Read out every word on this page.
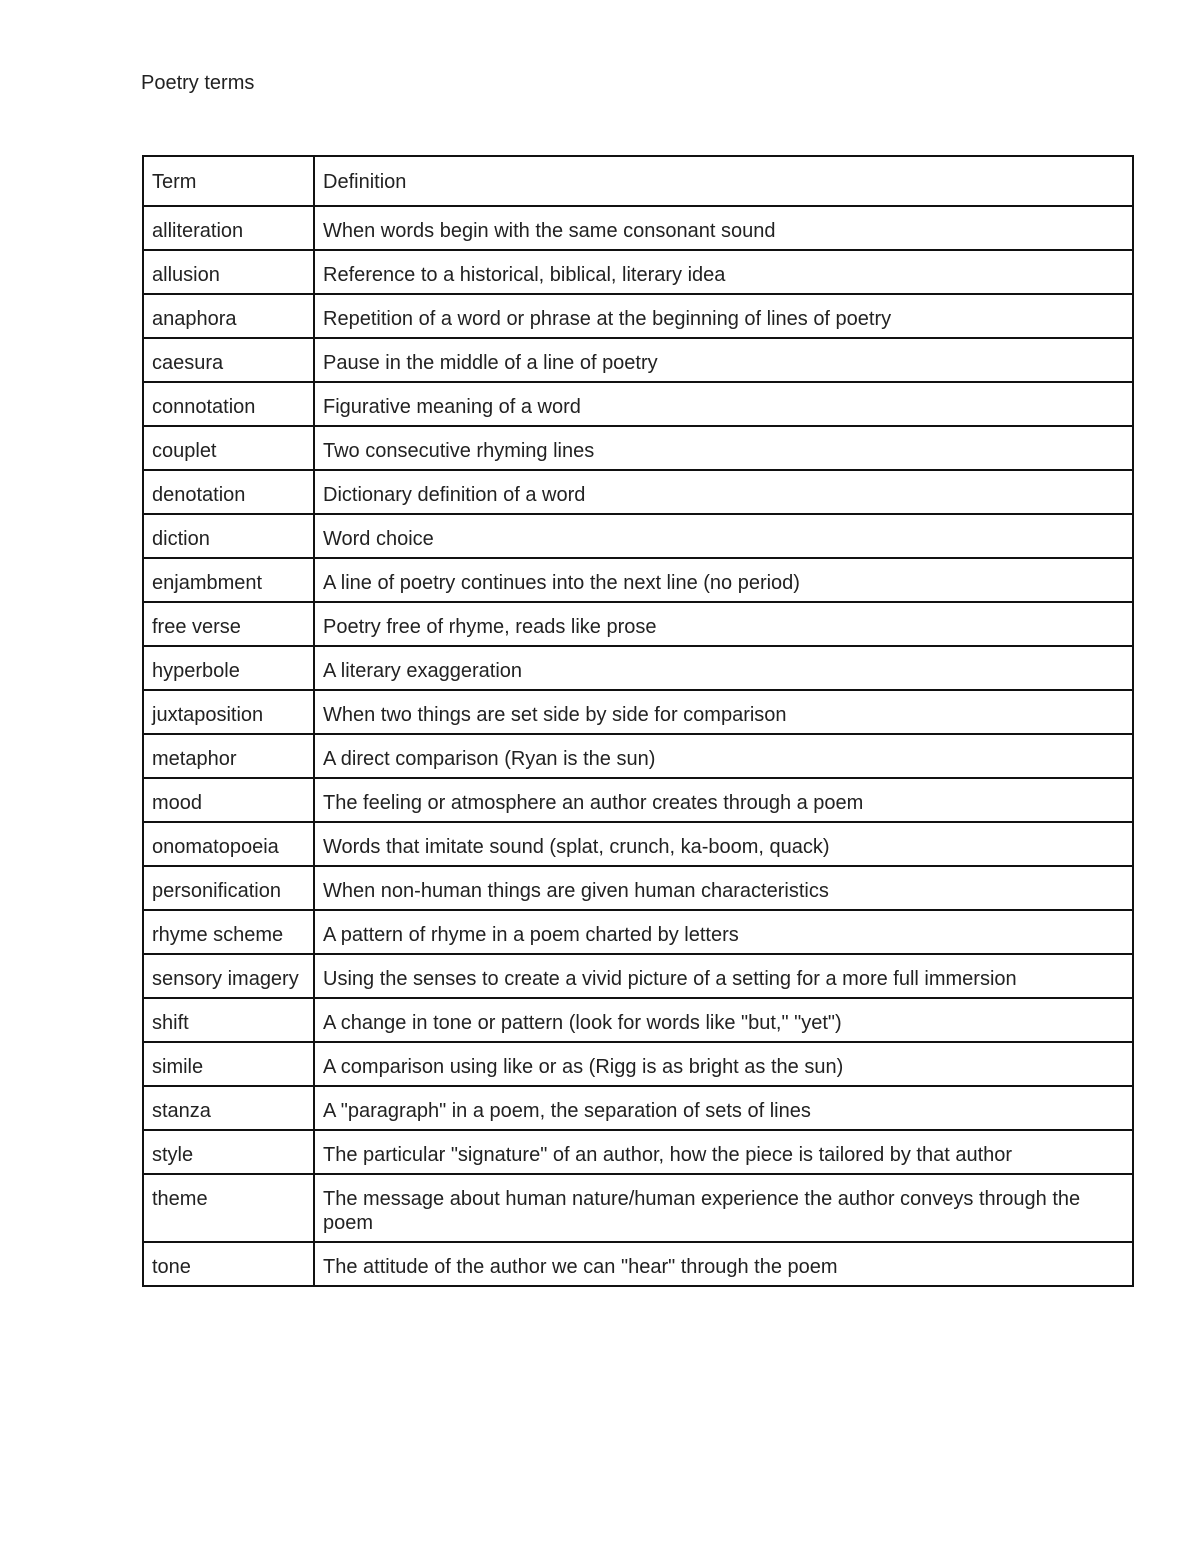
Poetry terms
Term	Definition
alliteration	When words begin with the same consonant sound
allusion	Reference to a historical, biblical, literary idea
anaphora	Repetition of a word or phrase at the beginning of lines of poetry
caesura	Pause in the middle of a line of poetry
connotation	Figurative meaning of a word
couplet	Two consecutive rhyming lines
denotation	Dictionary definition of a word
diction	Word choice
enjambment	A line of poetry continues into the next line (no period)
free verse	Poetry free of rhyme, reads like prose
hyperbole	A literary exaggeration
juxtaposition	When two things are set side by side for comparison
metaphor	A direct comparison (Ryan is the sun)
mood	The feeling or atmosphere an author creates through a poem
onomatopoeia	Words that imitate sound (splat, crunch, ka-boom, quack)
personification	When non-human things are given human characteristics
rhyme scheme	A pattern of rhyme in a poem charted by letters
sensory imagery	Using the senses to create a vivid picture of a setting for a more full immersion
shift	A change in tone or pattern (look for words like "but," "yet")
simile	A comparison using like or as (Rigg is as bright as the sun)
stanza	A "paragraph" in a poem, the separation of sets of lines
style	The particular "signature" of an author, how the piece is tailored by that author
theme	The message about human nature/human experience the author conveys through the poem
tone	The attitude of the author we can "hear" through the poem
